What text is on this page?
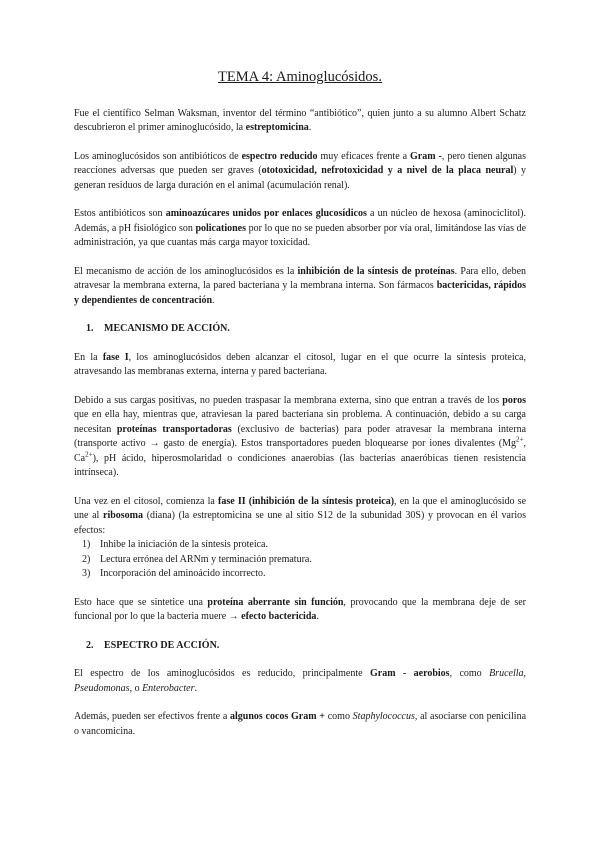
TEMA 4: Aminoglucósidos.

Fue el científico Selman Waksman, inventor del término “antibiótico”, quien junto a su alumno Albert Schatz descubrieron el primer aminoglucósido, la estreptomicina.

Los aminoglucósidos son antibióticos de espectro reducido muy eficaces frente a Gram -, pero tienen algunas reacciones adversas que pueden ser graves (ototoxicidad, nefrotoxicidad y a nivel de la placa neural) y generan residuos de larga duración en el animal (acumulación renal).

Estos antibióticos son aminoazúcares unidos por enlaces glucosídicos a un núcleo de hexosa (aminociclitol). Además, a pH fisiológico son policationes por lo que no se pueden absorber por vía oral, limitándose las vías de administración, ya que cuantas más carga mayor toxicidad.

El mecanismo de acción de los aminoglucósidos es la inhibición de la síntesis de proteínas. Para ello, deben atravesar la membrana externa, la pared bacteriana y la membrana interna. Son fármacos bactericidas, rápidos y dependientes de concentración.

1.	MECANISMO DE ACCIÓN.

En la fase I, los aminoglucósidos deben alcanzar el citosol, lugar en el que ocurre la síntesis proteica, atravesando las membranas externa, interna y pared bacteriana.

Debido a sus cargas positivas, no pueden traspasar la membrana externa, sino que entran a través de los poros que en ella hay, mientras que, atraviesan la pared bacteriana sin problema. A continuación, debido a su carga necesitan proteínas transportadoras (exclusivo de bacterias) para poder atravesar la membrana interna (transporte activo → gasto de energía). Estos transportadores pueden bloquearse por iones divalentes ($Mg^{2+}$, $Ca^{2+}$), pH ácido, hiperosmolaridad o condiciones anaerobias (las bacterias anaeróbicas tienen resistencia intrínseca).

Una vez en el citosol, comienza la fase II (inhibición de la síntesis proteica), en la que el aminoglucósido se une al ribosoma (diana) (la estreptomicina se une al sitio S12 de la subunidad 30S) y provocan en él varios efectos:

1) Inhibe la iniciación de la síntesis proteica.
2) Lectura errónea del ARNm y terminación prematura.
3) Incorporación del aminoácido incorrecto.

Esto hace que se sintetice una proteína aberrante sin función, provocando que la membrana deje de ser funcional por lo que la bacteria muere → efecto bactericida.

2.	ESPECTRO DE ACCIÓN.

El espectro de los aminoglucósidos es reducido, principalmente Gram - aerobios, como Brucella, Pseudomonas, o Enterobacter.

Además, pueden ser efectivos frente a algunos cocos Gram + como Staphylococcus, al asociarse con penicilina o vancomicina.
